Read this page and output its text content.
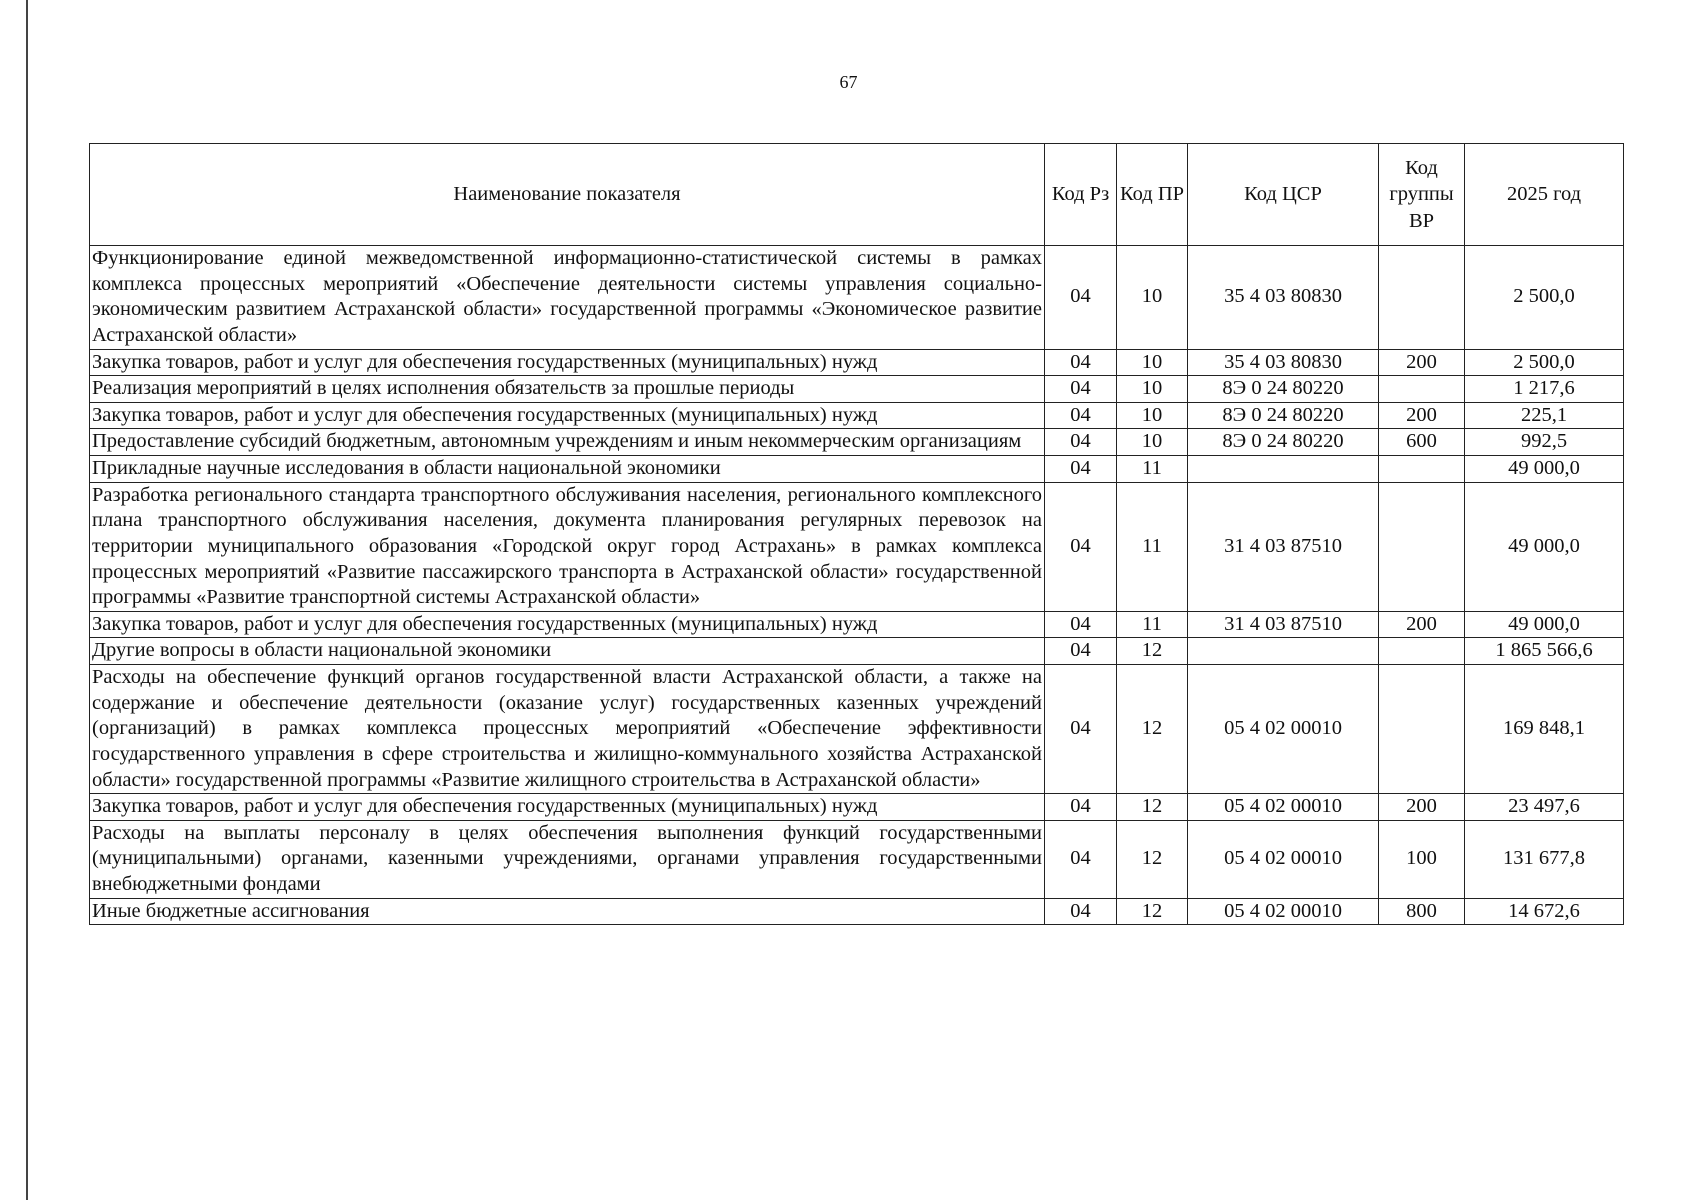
67
Наименование показателя	Код Рз	Код ПР	Код ЦСР	Код группы ВР	2025 год
Функционирование единой межведомственной информационно-статистической системы в рамках комплекса процессных мероприятий «Обеспечение деятельности системы управления социально-экономическим развитием Астраханской области» государственной программы «Экономическое развитие Астраханской области»	04	10	35 4 03 80830		2 500,0
Закупка товаров, работ и услуг для обеспечения государственных (муниципальных) нужд	04	10	35 4 03 80830	200	2 500,0
Реализация мероприятий в целях исполнения обязательств за прошлые периоды	04	10	8Э 0 24 80220		1 217,6
Закупка товаров, работ и услуг для обеспечения государственных (муниципальных) нужд	04	10	8Э 0 24 80220	200	225,1
Предоставление субсидий бюджетным, автономным учреждениям и иным некоммерческим организациям	04	10	8Э 0 24 80220	600	992,5
Прикладные научные исследования в области национальной экономики	04	11			49 000,0
Разработка регионального стандарта транспортного обслуживания населения, регионального комплексного плана транспортного обслуживания населения, документа планирования регулярных перевозок на территории муниципального образования «Городской округ город Астрахань» в рамках комплекса процессных мероприятий «Развитие пассажирского транспорта в Астраханской области» государственной программы «Развитие транспортной системы Астраханской области»	04	11	31 4 03 87510		49 000,0
Закупка товаров, работ и услуг для обеспечения государственных (муниципальных) нужд	04	11	31 4 03 87510	200	49 000,0
Другие вопросы в области национальной экономики	04	12			1 865 566,6
Расходы на обеспечение функций органов государственной власти Астраханской области, а также на содержание и обеспечение деятельности (оказание услуг) государственных казенных учреждений (организаций) в рамках комплекса процессных мероприятий «Обеспечение эффективности государственного управления в сфере строительства и жилищно-коммунального хозяйства Астраханской области» государственной программы «Развитие жилищного строительства в Астраханской области»	04	12	05 4 02 00010		169 848,1
Закупка товаров, работ и услуг для обеспечения государственных (муниципальных) нужд	04	12	05 4 02 00010	200	23 497,6
Расходы на выплаты персоналу в целях обеспечения выполнения функций государственными (муниципальными) органами, казенными учреждениями, органами управления государственными внебюджетными фондами	04	12	05 4 02 00010	100	131 677,8
Иные бюджетные ассигнования	04	12	05 4 02 00010	800	14 672,6
